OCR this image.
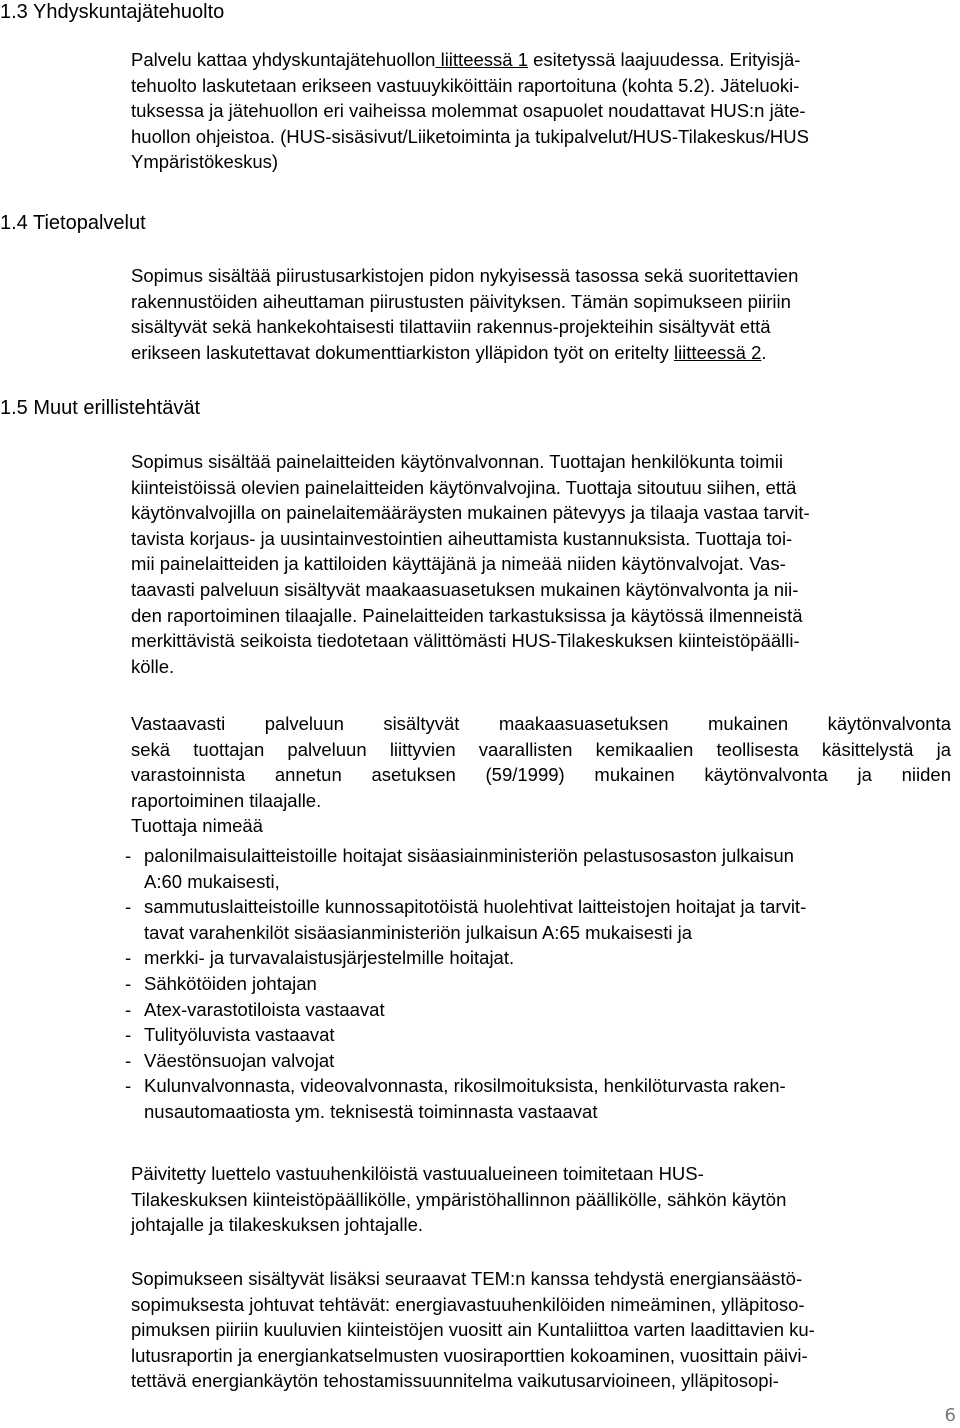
1.3 Yhdyskuntajätehuolto
Palvelu kattaa yhdyskuntajätehuollon liitteessä 1 esitetyssä laajuudessa. Erityisjä-
tehuolto laskutetaan erikseen vastuuykiköittäin raportoituna (kohta 5.2). Jäteluoki-
tuksessa ja jätehuollon eri vaiheissa molemmat osapuolet noudattavat HUS:n jäte-
huollon ohjeistoa. (HUS-sisäsivut/Liiketoiminta ja tukipalvelut/HUS-Tilakeskus/HUS
Ympäristökeskus)
1.4 Tietopalvelut
Sopimus sisältää piirustusarkistojen pidon nykyisessä tasossa sekä suoritettavien
rakennustöiden aiheuttaman piirustusten päivityksen. Tämän sopimukseen piiriin
sisältyvät sekä hankekohtaisesti tilattaviin rakennus-projekteihin sisältyvät että
erikseen laskutettavat dokumenttiarkiston ylläpidon työt on eritelty liitteessä 2.
1.5 Muut erillistehtävät
Sopimus sisältää painelaitteiden käytönvalvonnan. Tuottajan henkilökunta toimii
kiinteistöissä olevien painelaitteiden käytönvalvojina. Tuottaja sitoutuu siihen, että
käytönvalvojilla on painelaitemääräysten mukainen pätevyys ja tilaaja vastaa tarvit-
tavista korjaus- ja uusintainvestointien aiheuttamista kustannuksista. Tuottaja toi-
mii painelaitteiden ja kattiloiden käyttäjänä ja nimeää niiden käytönvalvojat. Vas-
taavasti palveluun sisältyvät maakaasuasetuksen mukainen käytönvalvonta ja nii-
den raportoiminen tilaajalle. Painelaitteiden tarkastuksissa ja käytössä ilmenneistä
merkittävistä seikoista tiedotetaan välittömästi HUS-Tilakeskuksen kiinteistöpäälli-
kölle.
Vastaavasti palveluun sisältyvät maakaasuasetuksen mukainen käytönvalvonta
sekä tuottajan palveluun liittyvien vaarallisten kemikaalien teollisesta käsittelystä ja
varastoinnista annetun asetuksen (59/1999) mukainen käytönvalvonta ja niiden
raportoiminen tilaajalle.
Tuottaja nimeää
- palonilmaisulaitteistoille hoitajat sisäasiainministeriön pelastusosaston julkaisun
A:60 mukaisesti,
- sammutuslaitteistoille kunnossapitotöistä huolehtivat laitteistojen hoitajat ja tarvit-
tavat varahenkilöt sisäasianministeriön julkaisun A:65 mukaisesti ja
- merkki- ja turvavalaistusjärjestelmille hoitajat.
- Sähkötöiden johtajan
- Atex-varastotiloista vastaavat
- Tulityöluvista vastaavat
- Väestönsuojan valvojat
- Kulunvalvonnasta, videovalvonnasta, rikosilmoituksista, henkilöturvasta raken-
nusautomaatiosta ym. teknisestä toiminnasta vastaavat
Päivitetty luettelo vastuuhenkilöistä vastuualueineen toimitetaan HUS-
Tilakeskuksen kiinteistöpäällikölle, ympäristöhallinnon päällikölle, sähkön käytön
johtajalle ja tilakeskuksen johtajalle.
Sopimukseen sisältyvät lisäksi seuraavat TEM:n kanssa tehdystä energiansäästö-
sopimuksesta johtuvat tehtävät: energiavastuuhenkilöiden nimeäminen, ylläpitoso-
pimuksen piiriin kuuluvien kiinteistöjen vuositt ain Kuntaliittoa varten laadittavien ku-
lutusraportin ja energiankatselmusten vuosiraporttien kokoaminen, vuosittain päivi-
tettävä energiankäytön tehostamissuunnitelma vaikutusarvioineen, ylläpitosopi-
6
